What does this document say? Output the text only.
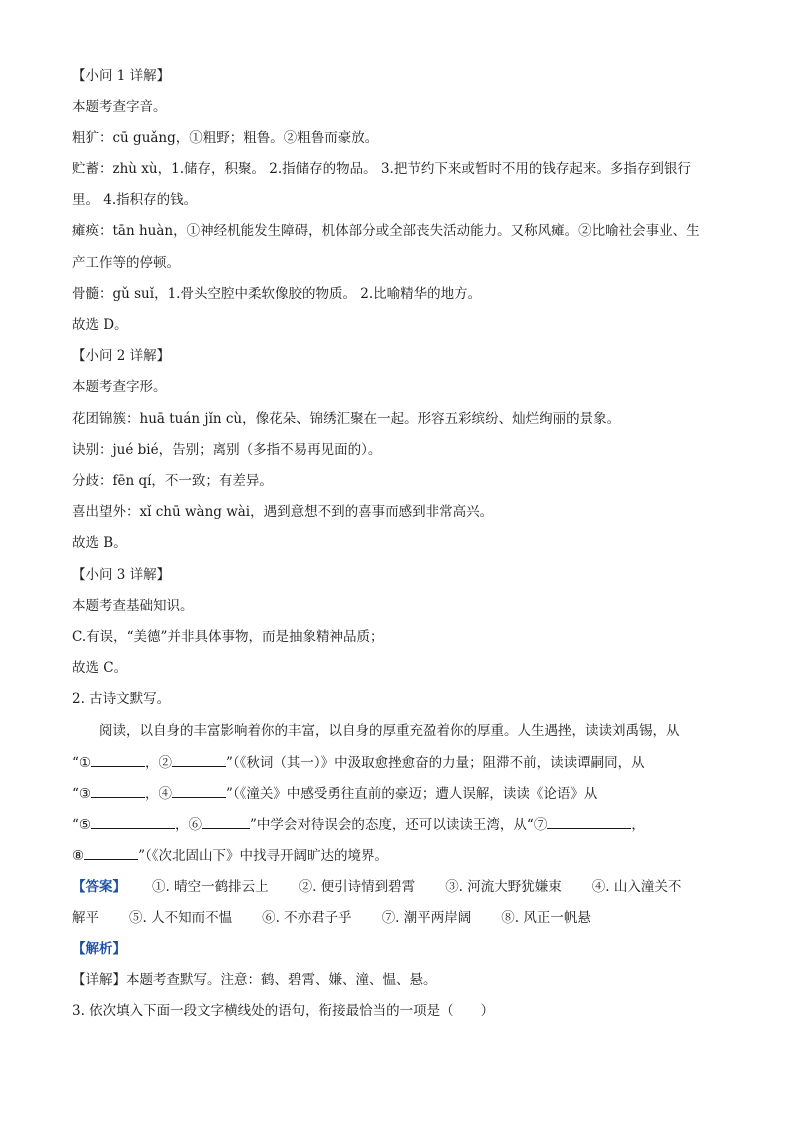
【小问 1 详解】
本题考查字音。
粗犷：cū guǎng，①粗野；粗鲁。②粗鲁而豪放。
贮蓄：zhù xù，1.储存，积聚。 2.指储存的物品。 3.把节约下来或暂时不用的钱存起来。多指存到银行
里。 4.指积存的钱。
瘫痪：tān huàn，①神经机能发生障碍，机体部分或全部丧失活动能力。又称风瘫。②比喻社会事业、生
产工作等的停顿。
骨髓：gǔ suǐ，1.骨头空腔中柔软像胶的物质。 2.比喻精华的地方。
故选 D。
【小问 2 详解】
本题考查字形。
花团锦簇：huā tuán jǐn cù，像花朵、锦绣汇聚在一起。形容五彩缤纷、灿烂绚丽的景象。
诀别：jué bié，告别；离别（多指不易再见面的）。
分歧：fēn qí，不一致；有差异。
喜出望外：xǐ chū wàng wài，遇到意想不到的喜事而感到非常高兴。
故选 B。
【小问 3 详解】
本题考查基础知识。
C.有误，“美德”并非具体事物，而是抽象精神品质；
故选 C。
2. 古诗文默写。
阅读，以自身的丰富影响着你的丰富，以自身的厚重充盈着你的厚重。人生遇挫，读读刘禹锡，从
“①	，②	”（《秋词（其一）》中汲取愈挫愈奋的力量；阻滞不前，读读谭嗣同，从
“③	，④	”（《潼关》中感受勇往直前的豪迈；遭人误解，读读《论语》从
“⑤	，⑥	”中学会对待误会的态度，还可以读读王湾，从“⑦	，
⑧	”（《次北固山下》中找寻开阔旷达的境界。
【答案】 ①. 晴空一鹤排云上 ②. 便引诗情到碧霄 ③. 河流大野犹嫌束 ④. 山入潼关不
解平 ⑤. 人不知而不愠 ⑥. 不亦君子乎 ⑦. 潮平两岸阔 ⑧. 风正一帆悬
【解析】
【详解】本题考查默写。注意：鹤、碧霄、嫌、潼、愠、悬。
3. 依次填入下面一段文字横线处的语句，衔接最恰当的一项是（　　）
